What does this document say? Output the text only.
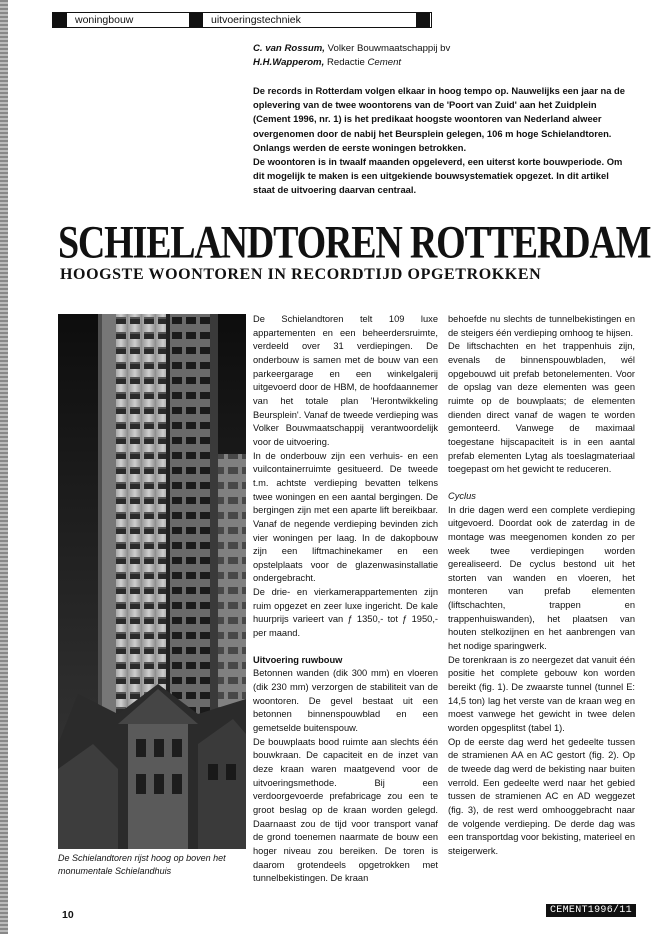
woningbouw	uitvoeringstechniek
C. van Rossum, Volker Bouwmaatschappij bv
H.H.Wapperom, Redactie Cement

De records in Rotterdam volgen elkaar in hoog tempo op. Nauwelijks een jaar na de oplevering van de twee woontorens van de 'Poort van Zuid' aan het Zuidplein (Cement 1996, nr. 1) is het predikaat hoogste woontoren van Nederland alweer overgenomen door de nabij het Beursplein gelegen, 106 m hoge Schielandtoren. Onlangs werden de eerste woningen betrokken.

De woontoren is in twaalf maanden opgeleverd, een uiterst korte bouwperiode. Om dit mogelijk te maken is een uitgekiende bouwsystematiek opgezet. In dit artikel staat de uitvoering daarvan centraal.

SCHIELANDTOREN ROTTERDAM
HOOGSTE WOONTOREN IN RECORDTIJD OPGETROKKEN
De Schielandtoren rijst hoog op boven het monumentale Schielandhuis

De Schielandtoren telt 109 luxe appartementen en een beheerdersruimte, verdeeld over 31 verdiepingen. De onderbouw is samen met de bouw van een parkeergarage en een winkelgalerij uitgevoerd door de HBM, de hoofdaannemer van het totale plan 'Herontwikkeling Beursplein'. Vanaf de tweede verdieping was Volker Bouwmaatschappij verantwoordelijk voor de uitvoering.

In de onderbouw zijn een verhuis- en een vuilcontainerruimte gesitueerd. De tweede t.m. achtste verdieping bevatten telkens twee woningen en een aantal bergingen. De bergingen zijn met een aparte lift bereikbaar. Vanaf de negende verdieping bevinden zich vier woningen per laag. In de dakopbouw zijn een liftmachinekamer en een opstelplaats voor de glazenwasinstallatie ondergebracht.

De drie- en vierkamerappartementen zijn ruim opgezet en zeer luxe ingericht. De kale huurprijs varieert van ƒ 1350,- tot ƒ 1950,- per maand.

Uitvoering ruwbouw

Betonnen wanden (dik 300 mm) en vloeren (dik 230 mm) verzorgen de stabiliteit van de woontoren. De gevel bestaat uit een betonnen binnenspouwblad en een gemetselde buitenspouw.

De bouwplaats bood ruimte aan slechts één bouwkraan. De capaciteit en de inzet van deze kraan waren maatgevend voor de uitvoeringsmethode. Bij een verdoorgevoerde prefabricage zou een te groot beslag op de kraan worden gelegd. Daarnaast zou de tijd voor transport vanaf de grond toenemen naarmate de bouw een hoger niveau zou bereiken. De toren is daarom grotendeels opgetrokken met tunnelbekistingen. De kraan

behoefde nu slechts de tunnelbekistingen en de steigers één verdieping omhoog te hijsen.

De liftschachten en het trappenhuis zijn, evenals de binnenspouwbladen, wél opgebouwd uit prefab betonelementen. Voor de opslag van deze elementen was geen ruimte op de bouwplaats; de elementen dienden direct vanaf de wagen te worden gemonteerd. Vanwege de maximaal toegestane hijscapaciteit is in een aantal prefab elementen Lytag als toeslagmateriaal toegepast om het gewicht te reduceren.

Cyclus

In drie dagen werd een complete verdieping uitgevoerd. Doordat ook de zaterdag in de montage was meegenomen konden zo per week twee verdiepingen worden gerealiseerd. De cyclus bestond uit het storten van wanden en vloeren, het monteren van prefab elementen (liftschachten, trappen en trappenhuiswanden), het plaatsen van houten stelkozijnen en het aanbrengen van het nodige sparingwerk.

De torenkraan is zo neergezet dat vanuit één positie het complete gebouw kon worden bereikt (fig. 1). De zwaarste tunnel (tunnel E: 14,5 ton) lag het verste van de kraan weg en moest vanwege het gewicht in twee delen worden opgesplitst (tabel 1).

Op de eerste dag werd het gedeelte tussen de stramienen AA en AC gestort (fig. 2). Op de tweede dag werd de bekisting naar buiten verrold. Een gedeelte werd naar het gebied tussen de stramienen AC en AD weggezet (fig. 3), de rest werd omhooggebracht naar de volgende verdieping. De derde dag was een transportdag voor bekisting, materieel en steigerwerk.

10	CEMENT1996/11
